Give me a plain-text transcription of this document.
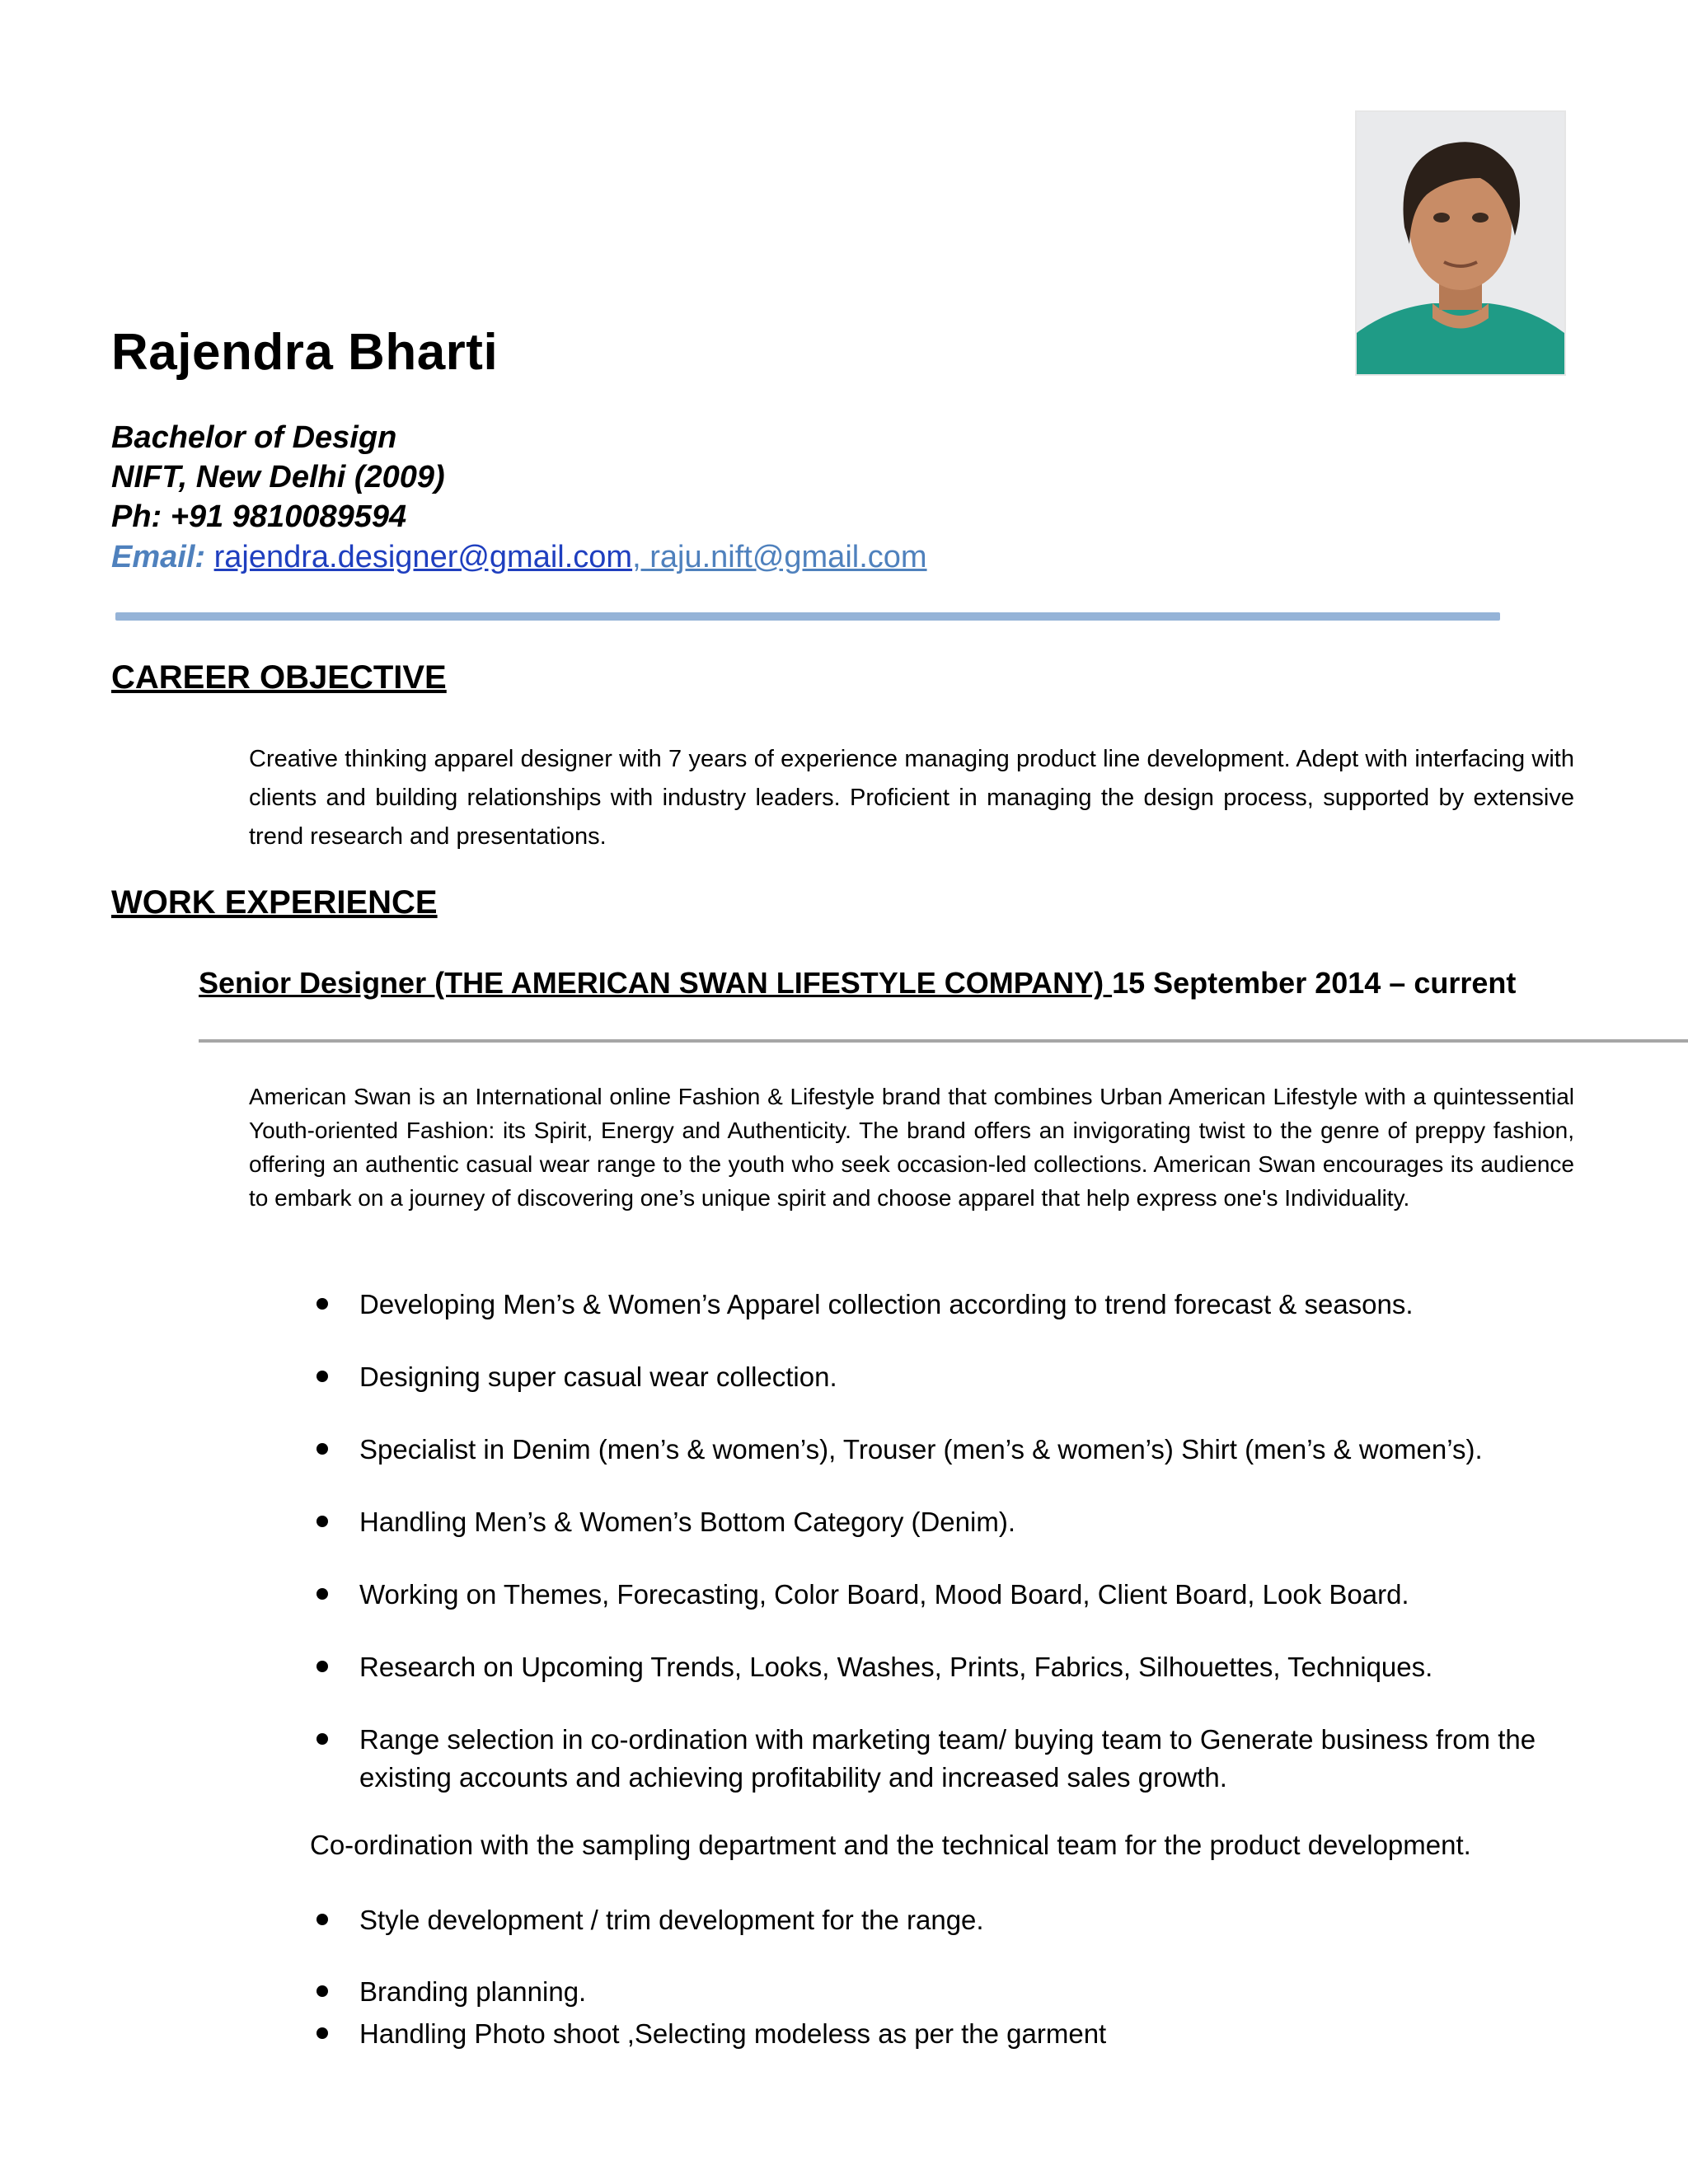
Rajendra Bharti
Bachelor of Design
NIFT, New Delhi (2009)
Ph: +91 9810089594
Email: rajendra.designer@gmail.com, raju.nift@gmail.com
CAREER OBJECTIVE
Creative thinking apparel designer with 7 years of experience managing product line development. Adept with interfacing with clients and building relationships with industry leaders. Proficient in managing the design process, supported by extensive trend research and presentations.
WORK EXPERIENCE
Senior Designer (THE AMERICAN SWAN LIFESTYLE COMPANY) 15 September 2014 – current
American Swan is an International online Fashion & Lifestyle brand that combines Urban American Lifestyle with a quintessential Youth-oriented Fashion: its Spirit, Energy and Authenticity. The brand offers an invigorating twist to the genre of preppy fashion, offering an authentic casual wear range to the youth who seek occasion-led collections. American Swan encourages its audience to embark on a journey of discovering one’s unique spirit and choose apparel that help express one's Individuality.
Developing Men’s & Women’s Apparel collection according to trend forecast & seasons.
Designing super casual wear collection.
Specialist in Denim (men’s & women’s), Trouser (men’s & women’s) Shirt (men’s & women’s).
Handling Men’s & Women’s Bottom Category (Denim).
Working on Themes, Forecasting, Color Board, Mood Board, Client Board, Look Board.
Research on Upcoming Trends, Looks, Washes, Prints, Fabrics, Silhouettes, Techniques.
Range selection in co-ordination with marketing team/ buying team to Generate business from the existing accounts and achieving profitability and increased sales growth.
Co-ordination with the sampling department and the technical team for the product development.
Style development / trim development for the range.
Branding planning.
Handling Photo shoot ,Selecting modeless as per the garment
